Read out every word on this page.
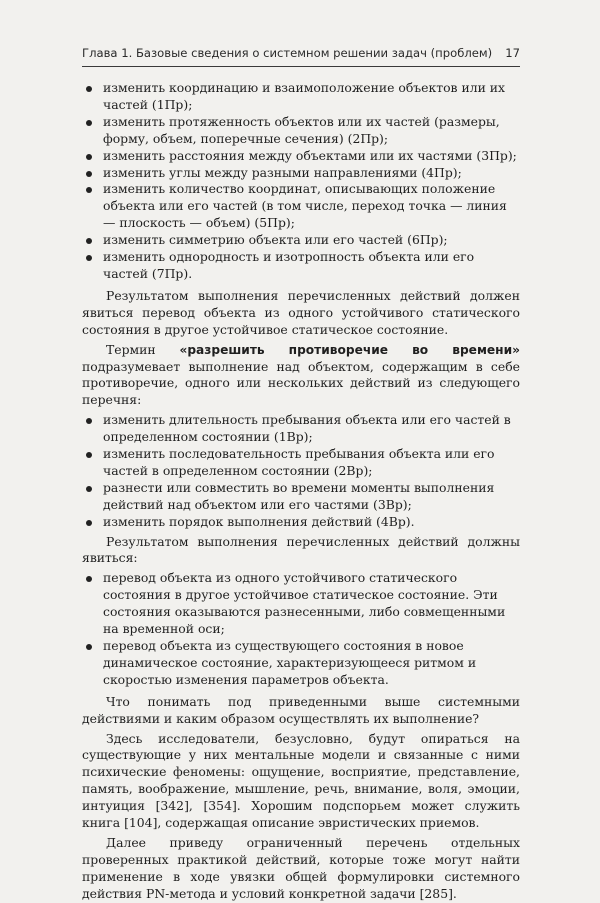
Глава 1. Базовые сведения о системном решении задач (проблем) 17
изменить координацию и взаимоположение объектов или их частей (1Пр);
изменить протяженность объектов или их частей (размеры, форму, объем, поперечные сечения) (2Пр);
изменить расстояния между объектами или их частями (3Пр);
изменить углы между разными направлениями (4Пр);
изменить количество координат, описывающих положение объекта или его частей (в том числе, переход точка — линия — плоскость — объем) (5Пр);
изменить симметрию объекта или его частей (6Пр);
изменить однородность и изотропность объекта или его частей (7Пр).

Результатом выполнения перечисленных действий должен явиться перевод объекта из одного устойчивого статического состояния в другое устойчивое статическое состояние.

Термин «разрешить противоречие во времени» подразумевает выполнение над объектом, содержащим в себе противоречие, одного или нескольких действий из следующего перечня:

изменить длительность пребывания объекта или его частей в определенном состоянии (1Вр);
изменить последовательность пребывания объекта или его частей в определенном состоянии (2Вр);
разнести или совместить во времени моменты выполнения действий над объектом или его частями (3Вр);
изменить порядок выполнения действий (4Вр).

Результатом выполнения перечисленных действий должны явиться:

перевод объекта из одного устойчивого статического состояния в другое устойчивое статическое состояние. Эти состояния оказываются разнесенными, либо совмещенными на временной оси;
перевод объекта из существующего состояния в новое динамическое состояние, характеризующееся ритмом и скоростью изменения параметров объекта.

Что понимать под приведенными выше системными действиями и каким образом осуществлять их выполнение?

Здесь исследователи, безусловно, будут опираться на существующие у них ментальные модели и связанные с ними психические феномены: ощущение, восприятие, представление, память, воображение, мышление, речь, внимание, воля, эмоции, интуиция [342], [354]. Хорошим подспорьем может служить книга [104], содержащая описание эвристических приемов.

Далее приведу ограниченный перечень отдельных проверенных практикой действий, которые тоже могут найти применение в ходе увязки общей формулировки системного действия PN-метода и условий конкретной задачи [285].
